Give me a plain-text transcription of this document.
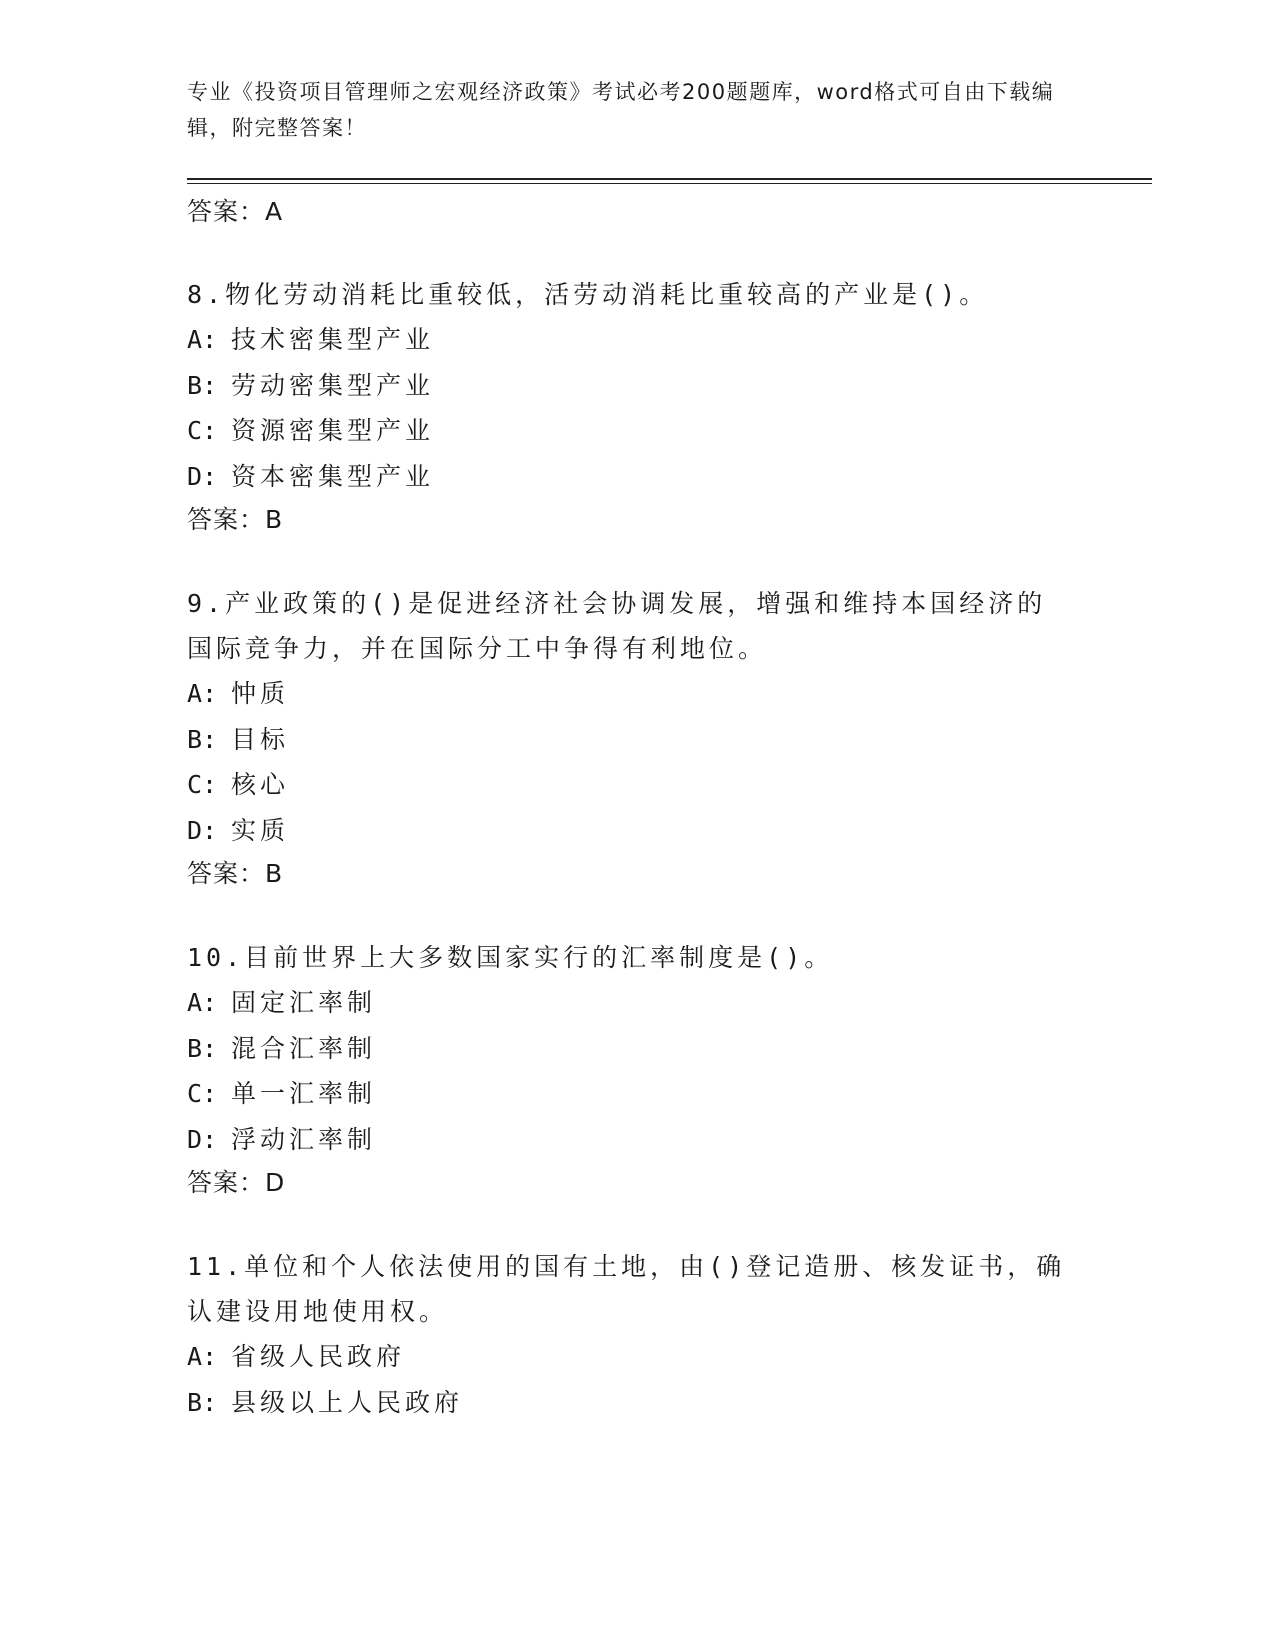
专业《投资项目管理师之宏观经济政策》考试必考200题题库，word格式可自由下载编辑，附完整答案！
答案：A
8.物化劳动消耗比重较低，活劳动消耗比重较高的产业是()。
A: 技术密集型产业
B: 劳动密集型产业
C: 资源密集型产业
D: 资本密集型产业
答案：B
9.产业政策的()是促进经济社会协调发展，增强和维持本国经济的国际竞争力，并在国际分工中争得有利地位。
A: 忡质
B: 目标
C: 核心
D: 实质
答案：B
10.目前世界上大多数国家实行的汇率制度是()。
A: 固定汇率制
B: 混合汇率制
C: 单一汇率制
D: 浮动汇率制
答案：D
11.单位和个人依法使用的国有土地，由()登记造册、核发证书，确认建设用地使用权。
A: 省级人民政府
B: 县级以上人民政府
